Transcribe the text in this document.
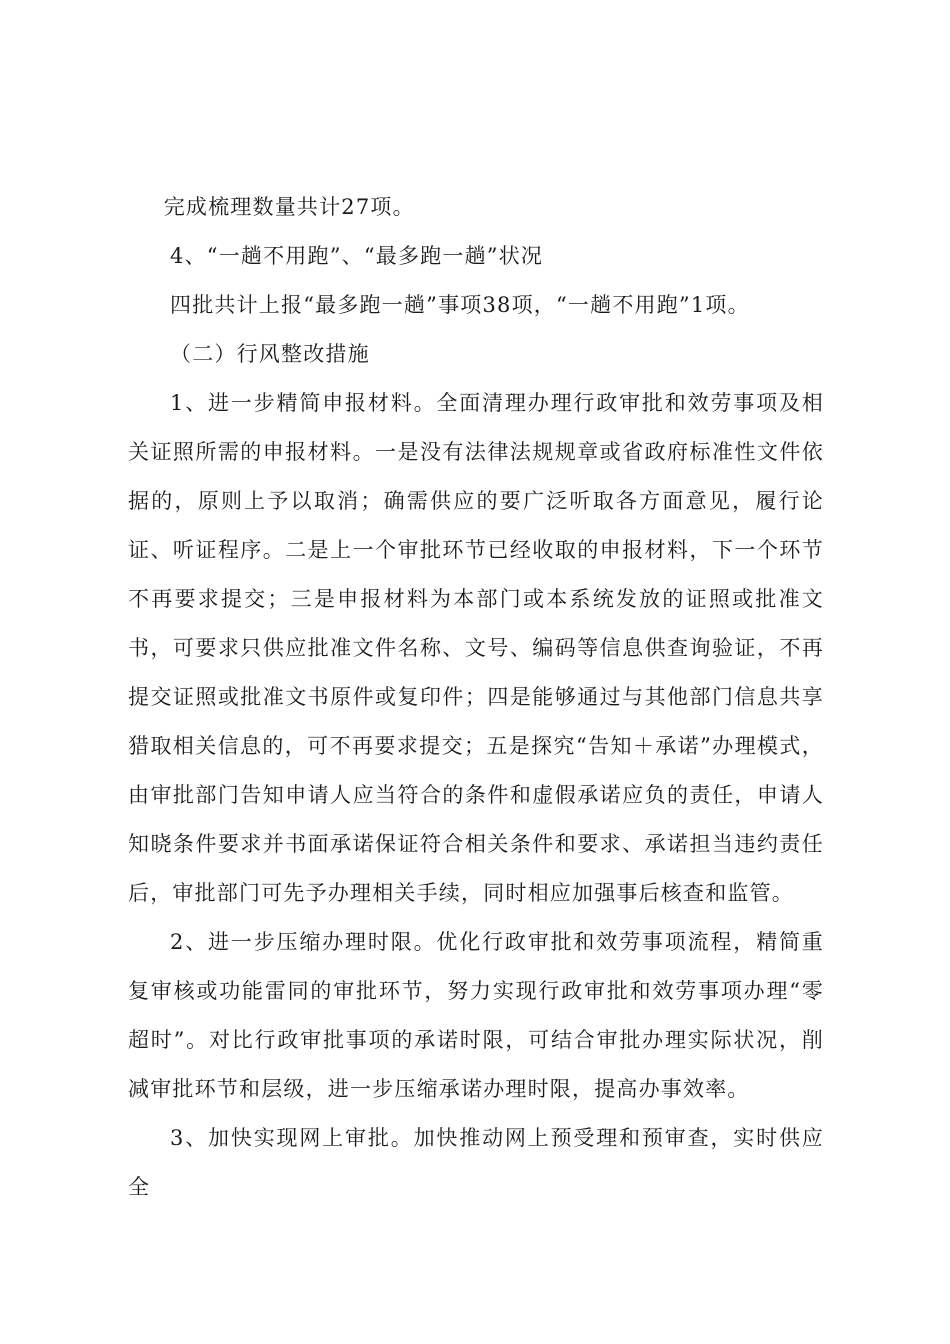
完成梳理数量共计27项。

4、“一趟不用跑”、“最多跑一趟”状况

四批共计上报“最多跑一趟”事项38项，“一趟不用跑”1项。

（二）行风整改措施

1、进一步精简申报材料。全面清理办理行政审批和效劳事项及相关证照所需的申报材料。一是没有法律法规规章或省政府标准性文件依据的，原则上予以取消；确需供应的要广泛听取各方面意见，履行论证、听证程序。二是上一个审批环节已经收取的申报材料，下一个环节不再要求提交；三是申报材料为本部门或本系统发放的证照或批准文书，可要求只供应批准文件名称、文号、编码等信息供查询验证，不再提交证照或批准文书原件或复印件；四是能够通过与其他部门信息共享猎取相关信息的，可不再要求提交；五是探究“告知＋承诺”办理模式，由审批部门告知申请人应当符合的条件和虚假承诺应负的责任，申请人知晓条件要求并书面承诺保证符合相关条件和要求、承诺担当违约责任后，审批部门可先予办理相关手续，同时相应加强事后核查和监管。

2、进一步压缩办理时限。优化行政审批和效劳事项流程，精简重复审核或功能雷同的审批环节，努力实现行政审批和效劳事项办理“零超时”。对比行政审批事项的承诺时限，可结合审批办理实际状况，削减审批环节和层级，进一步压缩承诺办理时限，提高办事效率。

3、加快实现网上审批。加快推动网上预受理和预审查，实时供应全
